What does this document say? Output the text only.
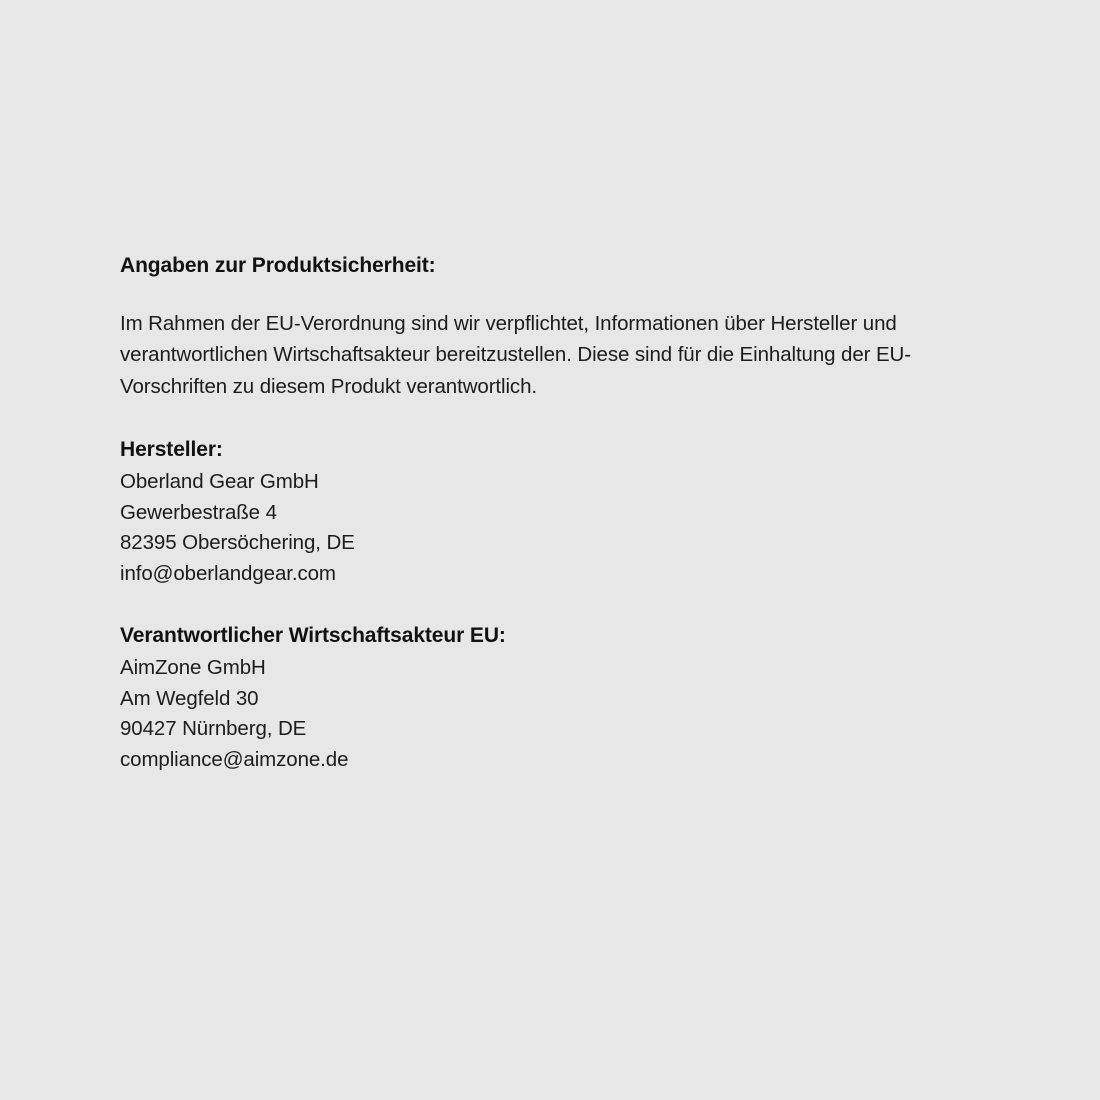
Angaben zur Produktsicherheit:

Im Rahmen der EU-Verordnung sind wir verpflichtet, Informationen über Hersteller und verantwortlichen Wirtschaftsakteur bereitzustellen. Diese sind für die Einhaltung der EU-Vorschriften zu diesem Produkt verantwortlich.

Hersteller:
Oberland Gear GmbH
Gewerbestraße 4
82395 Obersöchering, DE
info@oberlandgear.com
Verantwortlicher Wirtschaftsakteur EU:
AimZone GmbH
Am Wegfeld 30
90427 Nürnberg, DE
compliance@aimzone.de
